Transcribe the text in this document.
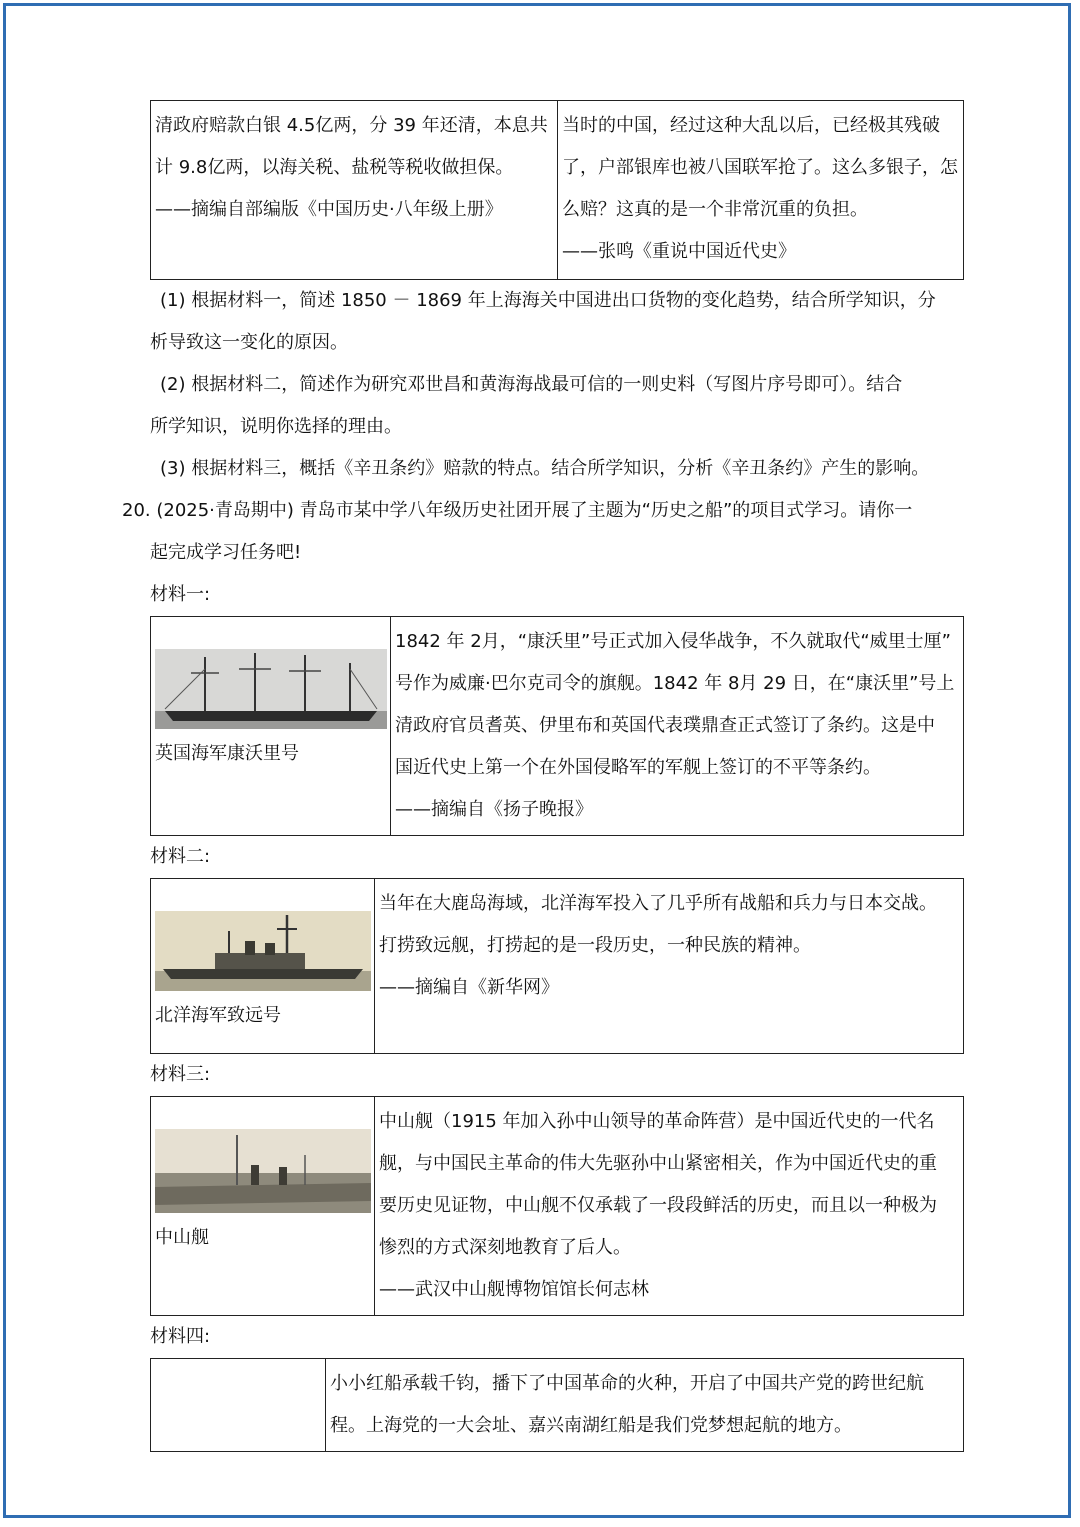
清政府赔款白银 4.5亿两，分 39 年还清，本息共
计 9.8亿两，以海关税、盐税等税收做担保。
——摘编自部编版《中国历史·八年级上册》

当时的中国，经过这种大乱以后，已经极其残破
了，户部银库也被八国联军抢了。这么多银子，怎
么赔？这真的是一个非常沉重的负担。
——张鸣《重说中国近代史》
(1) 根据材料一，简述 1850 － 1869 年上海海关中国进出口货物的变化趋势，结合所学知识，分
析导致这一变化的原因。
(2) 根据材料二，简述作为研究邓世昌和黄海海战最可信的一则史料（写图片序号即可）。结合
所学知识，说明你选择的理由。
(3) 根据材料三，概括《辛丑条约》赔款的特点。结合所学知识，分析《辛丑条约》产生的影响。
20. (2025·青岛期中) 青岛市某中学八年级历史社团开展了主题为“历史之船”的项目式学习。请你一
起完成学习任务吧!
材料一:
英国海军康沃里号

1842 年 2月，“康沃里”号正式加入侵华战争，不久就取代“威里士厘”
号作为威廉·巴尔克司令的旗舰。1842 年 8月 29 日，在“康沃里”号上
清政府官员耆英、伊里布和英国代表璞鼎查正式签订了条约。这是中
国近代史上第一个在外国侵略军的军舰上签订的不平等条约。
——摘编自《扬子晚报》
材料二:
北洋海军致远号

当年在大鹿岛海域，北洋海军投入了几乎所有战船和兵力与日本交战。
打捞致远舰，打捞起的是一段历史，一种民族的精神。
——摘编自《新华网》
材料三:
中山舰

中山舰（1915 年加入孙中山领导的革命阵营）是中国近代史的一代名
舰，与中国民主革命的伟大先驱孙中山紧密相关，作为中国近代史的重
要历史见证物，中山舰不仅承载了一段段鲜活的历史，而且以一种极为
惨烈的方式深刻地教育了后人。
——武汉中山舰博物馆馆长何志林
材料四:

小小红船承载千钧，播下了中国革命的火种，开启了中国共产党的跨世纪航
程。上海党的一大会址、嘉兴南湖红船是我们党梦想起航的地方。
